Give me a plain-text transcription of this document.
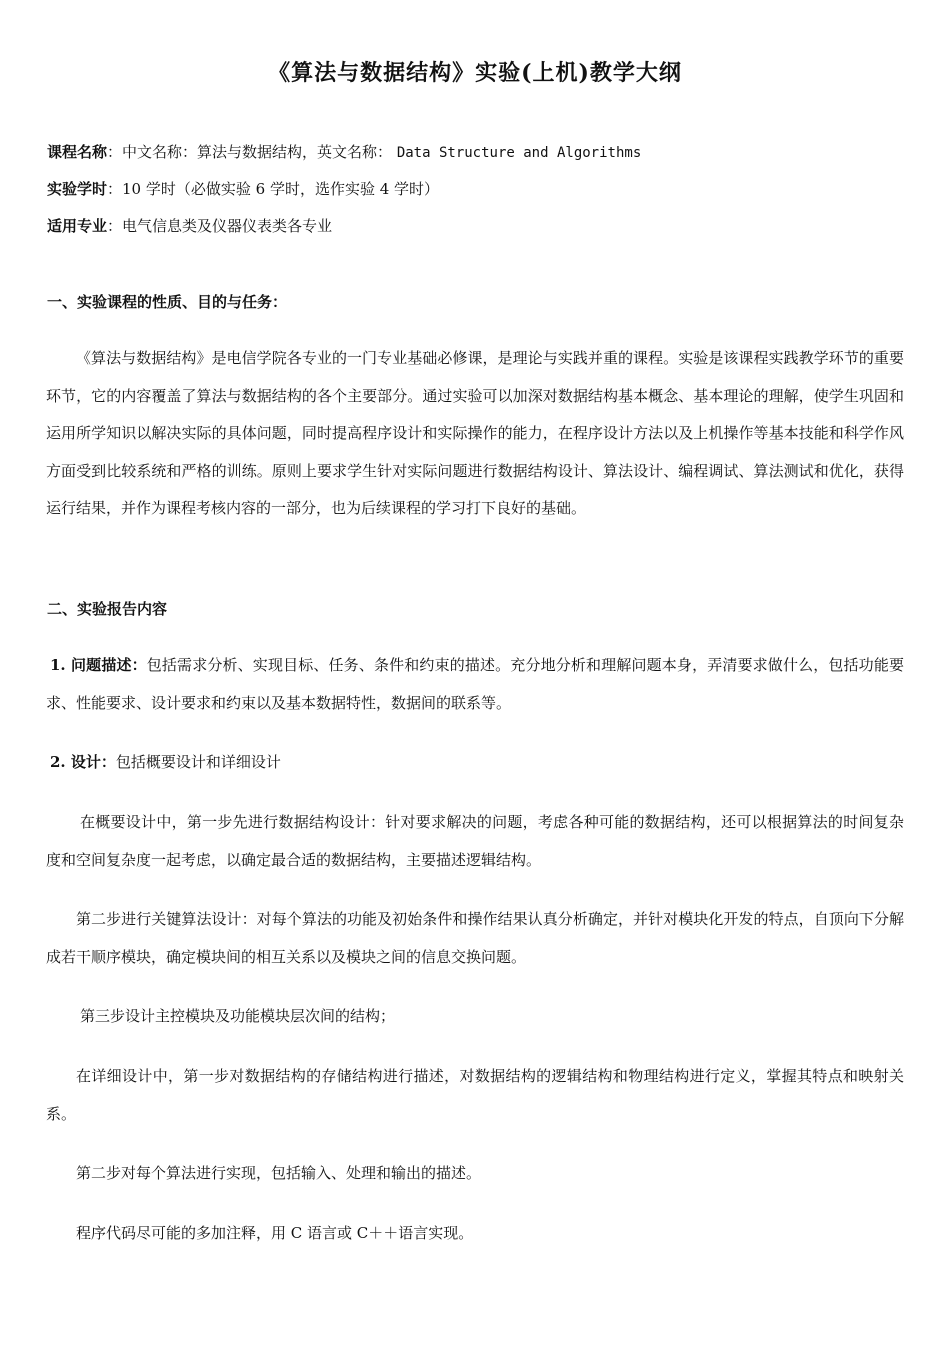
《算法与数据结构》实验(上机)教学大纲
课程名称：中文名称：算法与数据结构，英文名称： Data Structure and Algorithms
实验学时：10 学时（必做实验 6 学时，选作实验 4 学时）
适用专业：电气信息类及仪器仪表类各专业
一、实验课程的性质、目的与任务：
《算法与数据结构》是电信学院各专业的一门专业基础必修课，是理论与实践并重的课程。实验是该课程实践教学环节的重要环节，它的内容覆盖了算法与数据结构的各个主要部分。通过实验可以加深对数据结构基本概念、基本理论的理解，使学生巩固和运用所学知识以解决实际的具体问题，同时提高程序设计和实际操作的能力，在程序设计方法以及上机操作等基本技能和科学作风方面受到比较系统和严格的训练。原则上要求学生针对实际问题进行数据结构设计、算法设计、编程调试、算法测试和优化，获得运行结果，并作为课程考核内容的一部分，也为后续课程的学习打下良好的基础。
二、实验报告内容
1. 问题描述：包括需求分析、实现目标、任务、条件和约束的描述。充分地分析和理解问题本身，弄清要求做什么，包括功能要求、性能要求、设计要求和约束以及基本数据特性，数据间的联系等。
2. 设计：包括概要设计和详细设计
在概要设计中，第一步先进行数据结构设计：针对要求解决的问题，考虑各种可能的数据结构，还可以根据算法的时间复杂度和空间复杂度一起考虑，以确定最合适的数据结构，主要描述逻辑结构。
第二步进行关键算法设计：对每个算法的功能及初始条件和操作结果认真分析确定，并针对模块化开发的特点，自顶向下分解成若干顺序模块，确定模块间的相互关系以及模块之间的信息交换问题。
第三步设计主控模块及功能模块层次间的结构；
在详细设计中，第一步对数据结构的存储结构进行描述，对数据结构的逻辑结构和物理结构进行定义，掌握其特点和映射关系。
第二步对每个算法进行实现，包括输入、处理和输出的描述。
程序代码尽可能的多加注释，用 C 语言或 C＋＋语言实现。
